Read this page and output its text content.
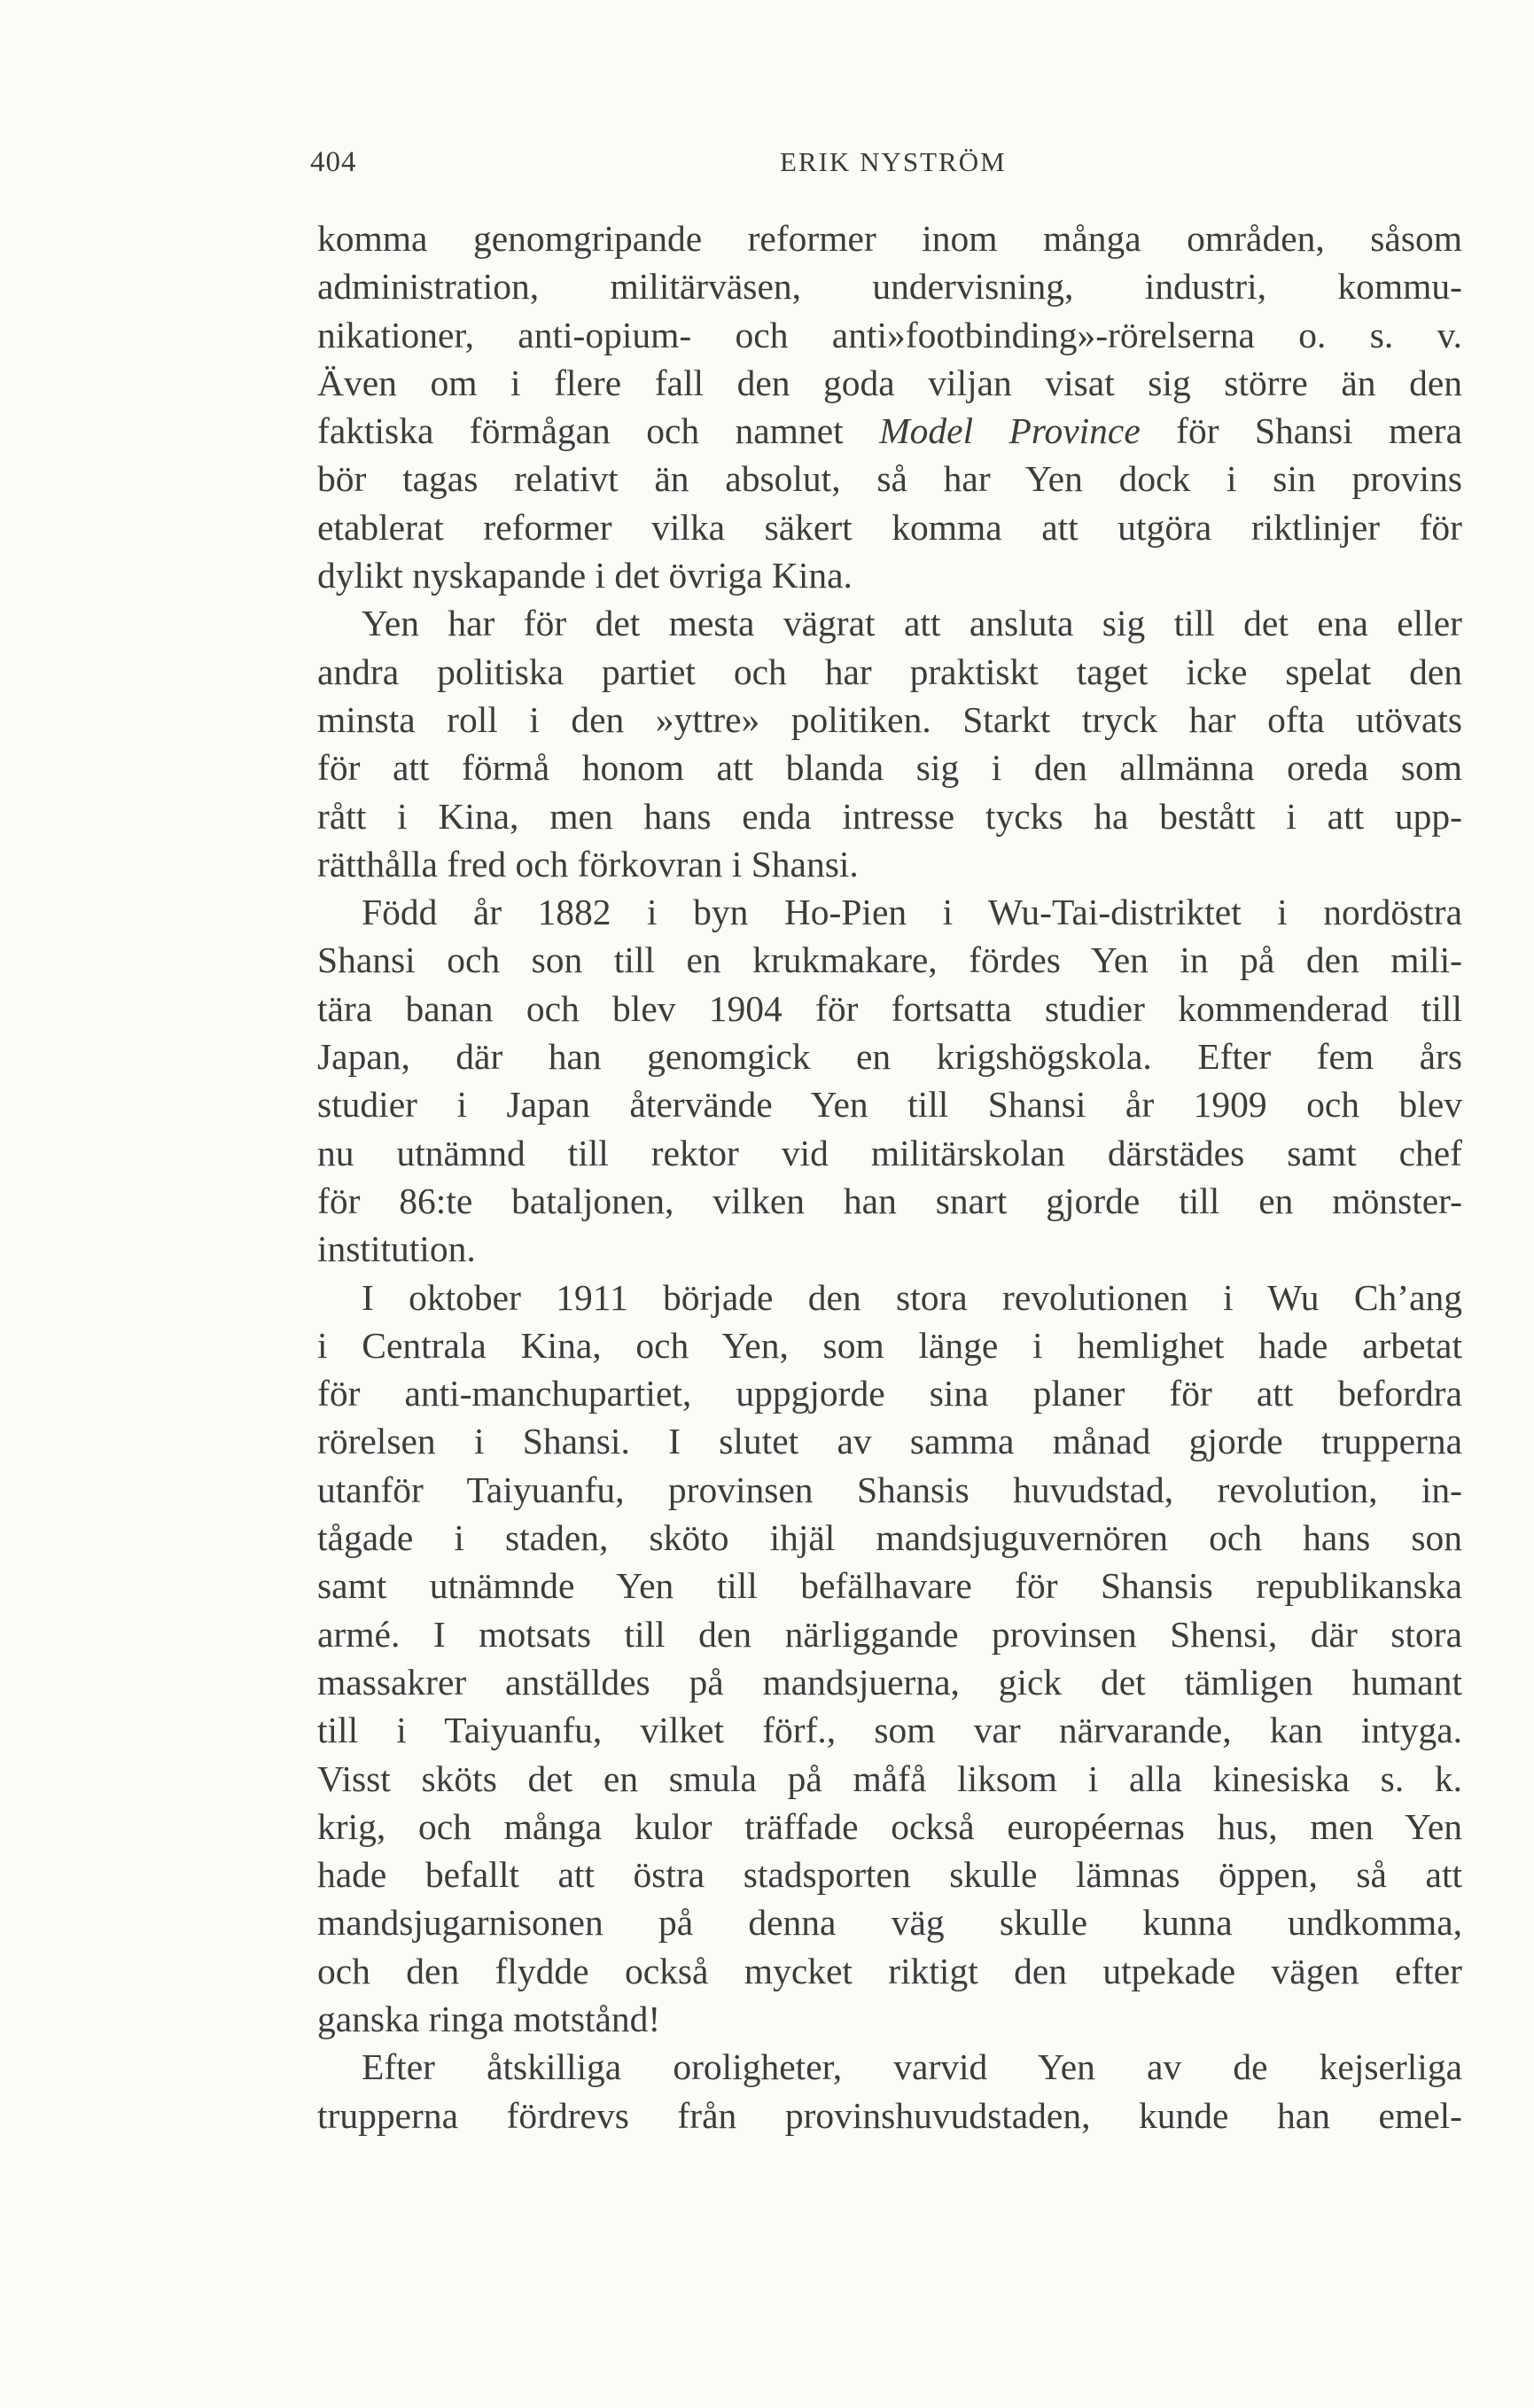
404	ERIK NYSTRÖM
komma genomgripande reformer inom många områden, såsom
administration, militärväsen, undervisning, industri, kommu-
nikationer, anti-opium- och anti»footbinding»-rörelserna o. s. v.
Även om i flere fall den goda viljan visat sig större än den
faktiska förmågan och namnet Model Province för Shansi mera
bör tagas relativt än absolut, så har Yen dock i sin provins
etablerat reformer vilka säkert komma att utgöra riktlinjer för
dylikt nyskapande i det övriga Kina.
Yen har för det mesta vägrat att ansluta sig till det ena eller
andra politiska partiet och har praktiskt taget icke spelat den
minsta roll i den »yttre» politiken. Starkt tryck har ofta utövats
för att förmå honom att blanda sig i den allmänna oreda som
rått i Kina, men hans enda intresse tycks ha bestått i att upp-
rätthålla fred och förkovran i Shansi.
Född år 1882 i byn Ho-Pien i Wu-Tai-distriktet i nordöstra
Shansi och son till en krukmakare, fördes Yen in på den mili-
tära banan och blev 1904 för fortsatta studier kommenderad till
Japan, där han genomgick en krigshögskola. Efter fem års
studier i Japan återvände Yen till Shansi år 1909 och blev
nu utnämnd till rektor vid militärskolan därstädes samt chef
för 86:te bataljonen, vilken han snart gjorde till en mönster-
institution.
I oktober 1911 började den stora revolutionen i Wu Ch’ang
i Centrala Kina, och Yen, som länge i hemlighet hade arbetat
för anti-manchupartiet, uppgjorde sina planer för att befordra
rörelsen i Shansi. I slutet av samma månad gjorde trupperna
utanför Taiyuanfu, provinsen Shansis huvudstad, revolution, in-
tågade i staden, sköto ihjäl mandsjuguvernören och hans son
samt utnämnde Yen till befälhavare för Shansis republikanska
armé. I motsats till den närliggande provinsen Shensi, där stora
massakrer anställdes på mandsjuerna, gick det tämligen humant
till i Taiyuanfu, vilket förf., som var närvarande, kan intyga.
Visst sköts det en smula på måfå liksom i alla kinesiska s. k.
krig, och många kulor träffade också européernas hus, men Yen
hade befallt att östra stadsporten skulle lämnas öppen, så att
mandsjugarnisonen på denna väg skulle kunna undkomma,
och den flydde också mycket riktigt den utpekade vägen efter
ganska ringa motstånd!
Efter åtskilliga oroligheter, varvid Yen av de kejserliga
trupperna fördrevs från provinshuvudstaden, kunde han emel-
